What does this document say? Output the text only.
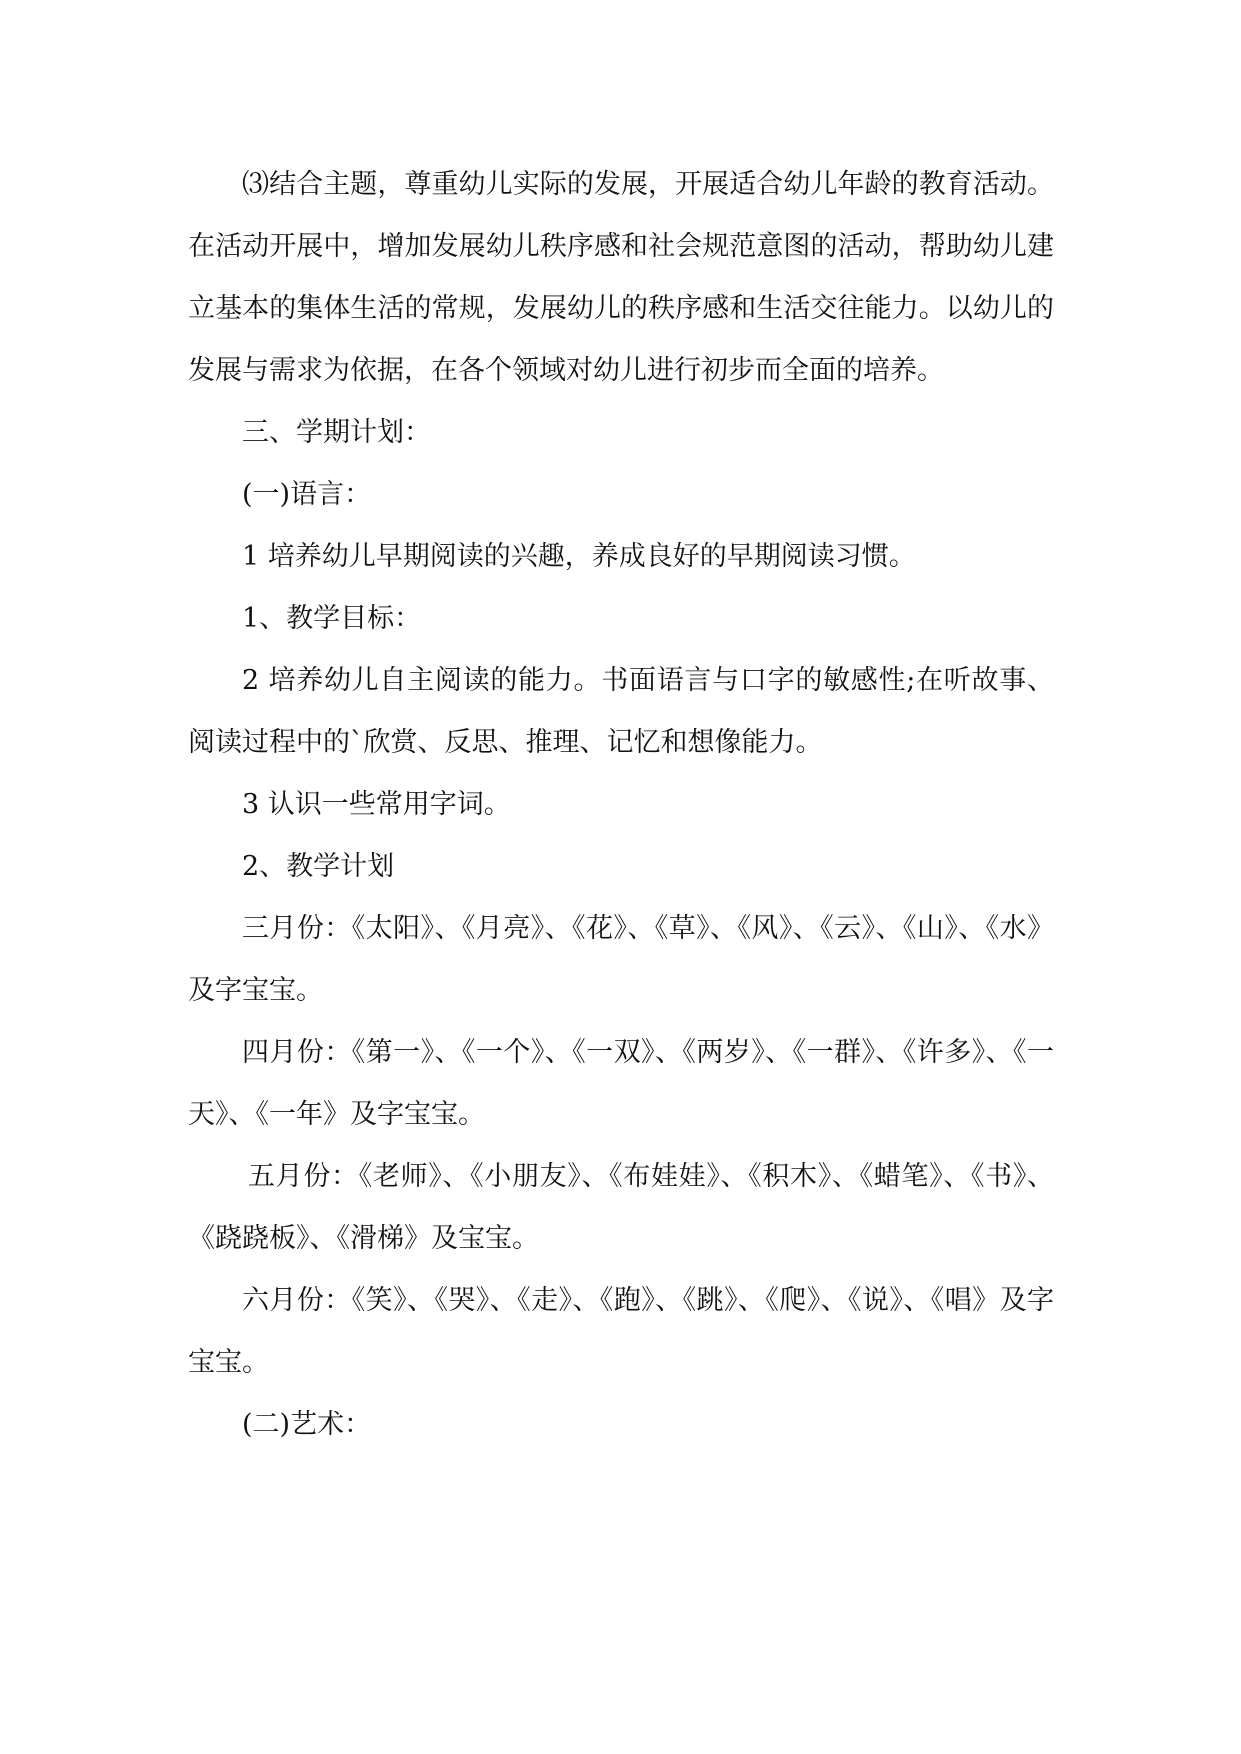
⑶结合主题，尊重幼儿实际的发展，开展适合幼儿年龄的教育活动。在活动开展中，增加发展幼儿秩序感和社会规范意图的活动，帮助幼儿建立基本的集体生活的常规，发展幼儿的秩序感和生活交往能力。以幼儿的发展与需求为依据，在各个领域对幼儿进行初步而全面的培养。

三、学期计划：

(一)语言：

1 培养幼儿早期阅读的兴趣，养成良好的早期阅读习惯。

1、教学目标：

2 培养幼儿自主阅读的能力。书面语言与口字的敏感性;在听故事、阅读过程中的`欣赏、反思、推理、记忆和想像能力。

3 认识一些常用字词。

2、教学计划

三月份：《太阳》、《月亮》、《花》、《草》、《风》、《云》、《山》、《水》及字宝宝。

四月份：《第一》、《一个》、《一双》、《两岁》、《一群》、《许多》、《一天》、《一年》及字宝宝。

五月份：《老师》、《小朋友》、《布娃娃》、《积木》、《蜡笔》、《书》、《跷跷板》、《滑梯》及宝宝。

六月份：《笑》、《哭》、《走》、《跑》、《跳》、《爬》、《说》、《唱》及字宝宝。

(二)艺术：
